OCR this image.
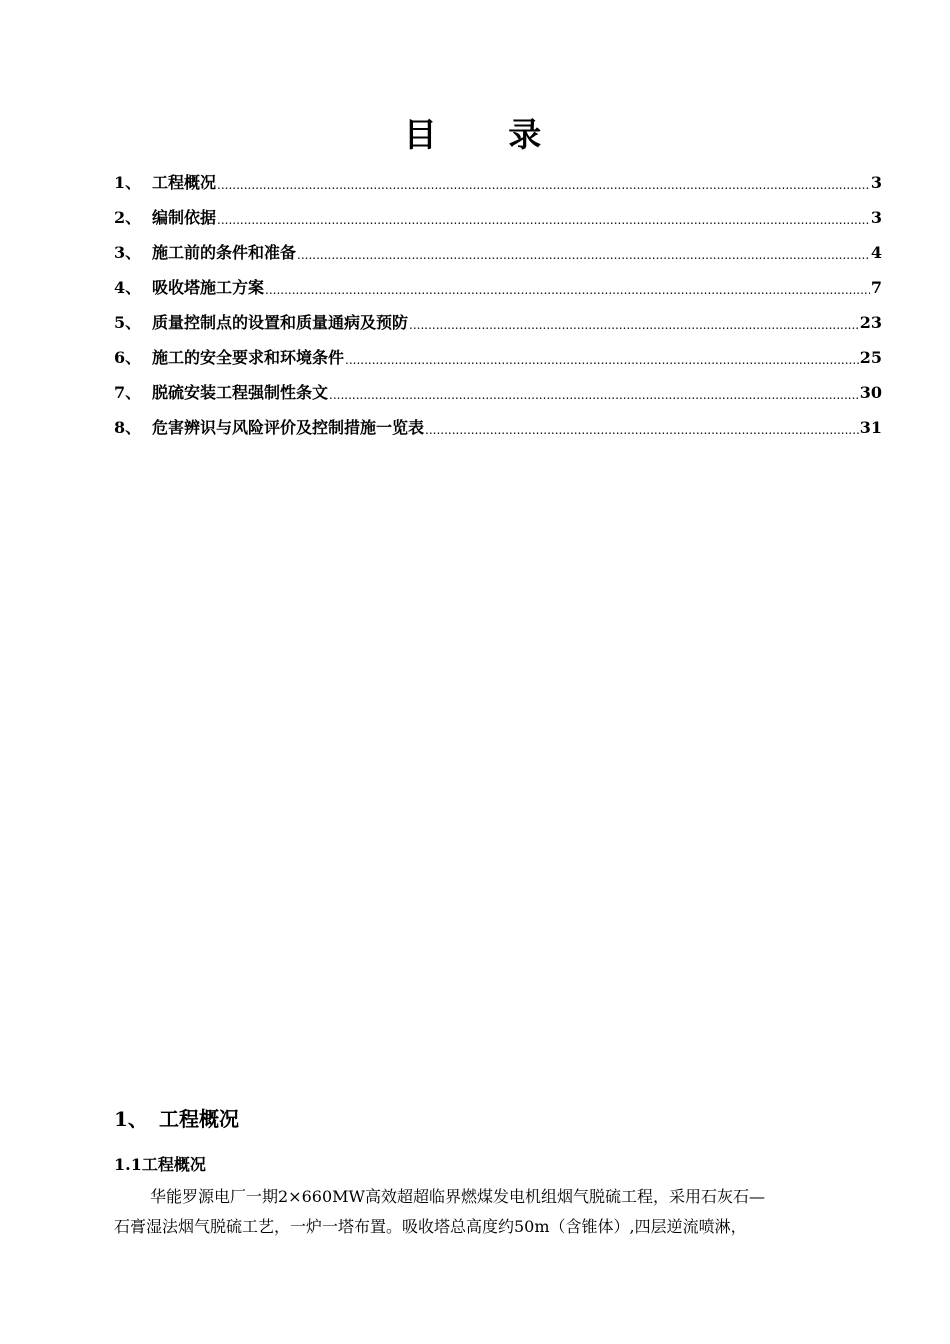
目 录
1、 工程概况 .....	3
2、 编制依据 .....	3
3、 施工前的条件和准备 .....	4
4、 吸收塔施工方案 .....	7
5、 质量控制点的设置和质量通病及预防 .....	23
6、 施工的安全要求和环境条件 .....	25
7、 脱硫安装工程强制性条文 .....	30
8、 危害辨识与风险评价及控制措施一览表 .....	31
1、 工程概况
1.1工程概况
华能罗源电厂一期2×660MW高效超超临界燃煤发电机组烟气脱硫工程，采用石灰石—
石膏湿法烟气脱硫工艺，一炉一塔布置。吸收塔总高度约50m（含锥体）,四层逆流喷淋，
